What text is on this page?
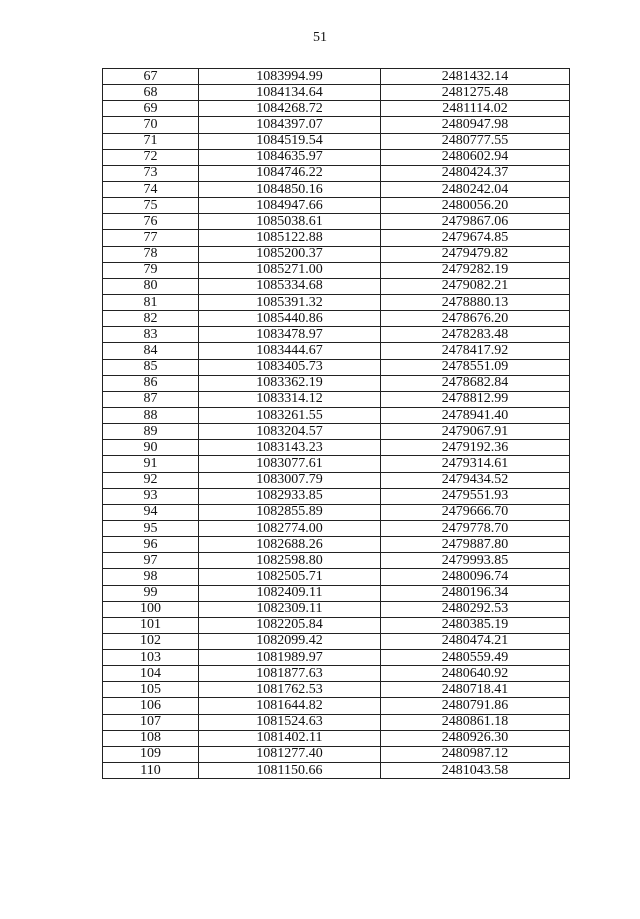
51
67	1083994.99	2481432.14
68	1084134.64	2481275.48
69	1084268.72	2481114.02
70	1084397.07	2480947.98
71	1084519.54	2480777.55
72	1084635.97	2480602.94
73	1084746.22	2480424.37
74	1084850.16	2480242.04
75	1084947.66	2480056.20
76	1085038.61	2479867.06
77	1085122.88	2479674.85
78	1085200.37	2479479.82
79	1085271.00	2479282.19
80	1085334.68	2479082.21
81	1085391.32	2478880.13
82	1085440.86	2478676.20
83	1083478.97	2478283.48
84	1083444.67	2478417.92
85	1083405.73	2478551.09
86	1083362.19	2478682.84
87	1083314.12	2478812.99
88	1083261.55	2478941.40
89	1083204.57	2479067.91
90	1083143.23	2479192.36
91	1083077.61	2479314.61
92	1083007.79	2479434.52
93	1082933.85	2479551.93
94	1082855.89	2479666.70
95	1082774.00	2479778.70
96	1082688.26	2479887.80
97	1082598.80	2479993.85
98	1082505.71	2480096.74
99	1082409.11	2480196.34
100	1082309.11	2480292.53
101	1082205.84	2480385.19
102	1082099.42	2480474.21
103	1081989.97	2480559.49
104	1081877.63	2480640.92
105	1081762.53	2480718.41
106	1081644.82	2480791.86
107	1081524.63	2480861.18
108	1081402.11	2480926.30
109	1081277.40	2480987.12
110	1081150.66	2481043.58
